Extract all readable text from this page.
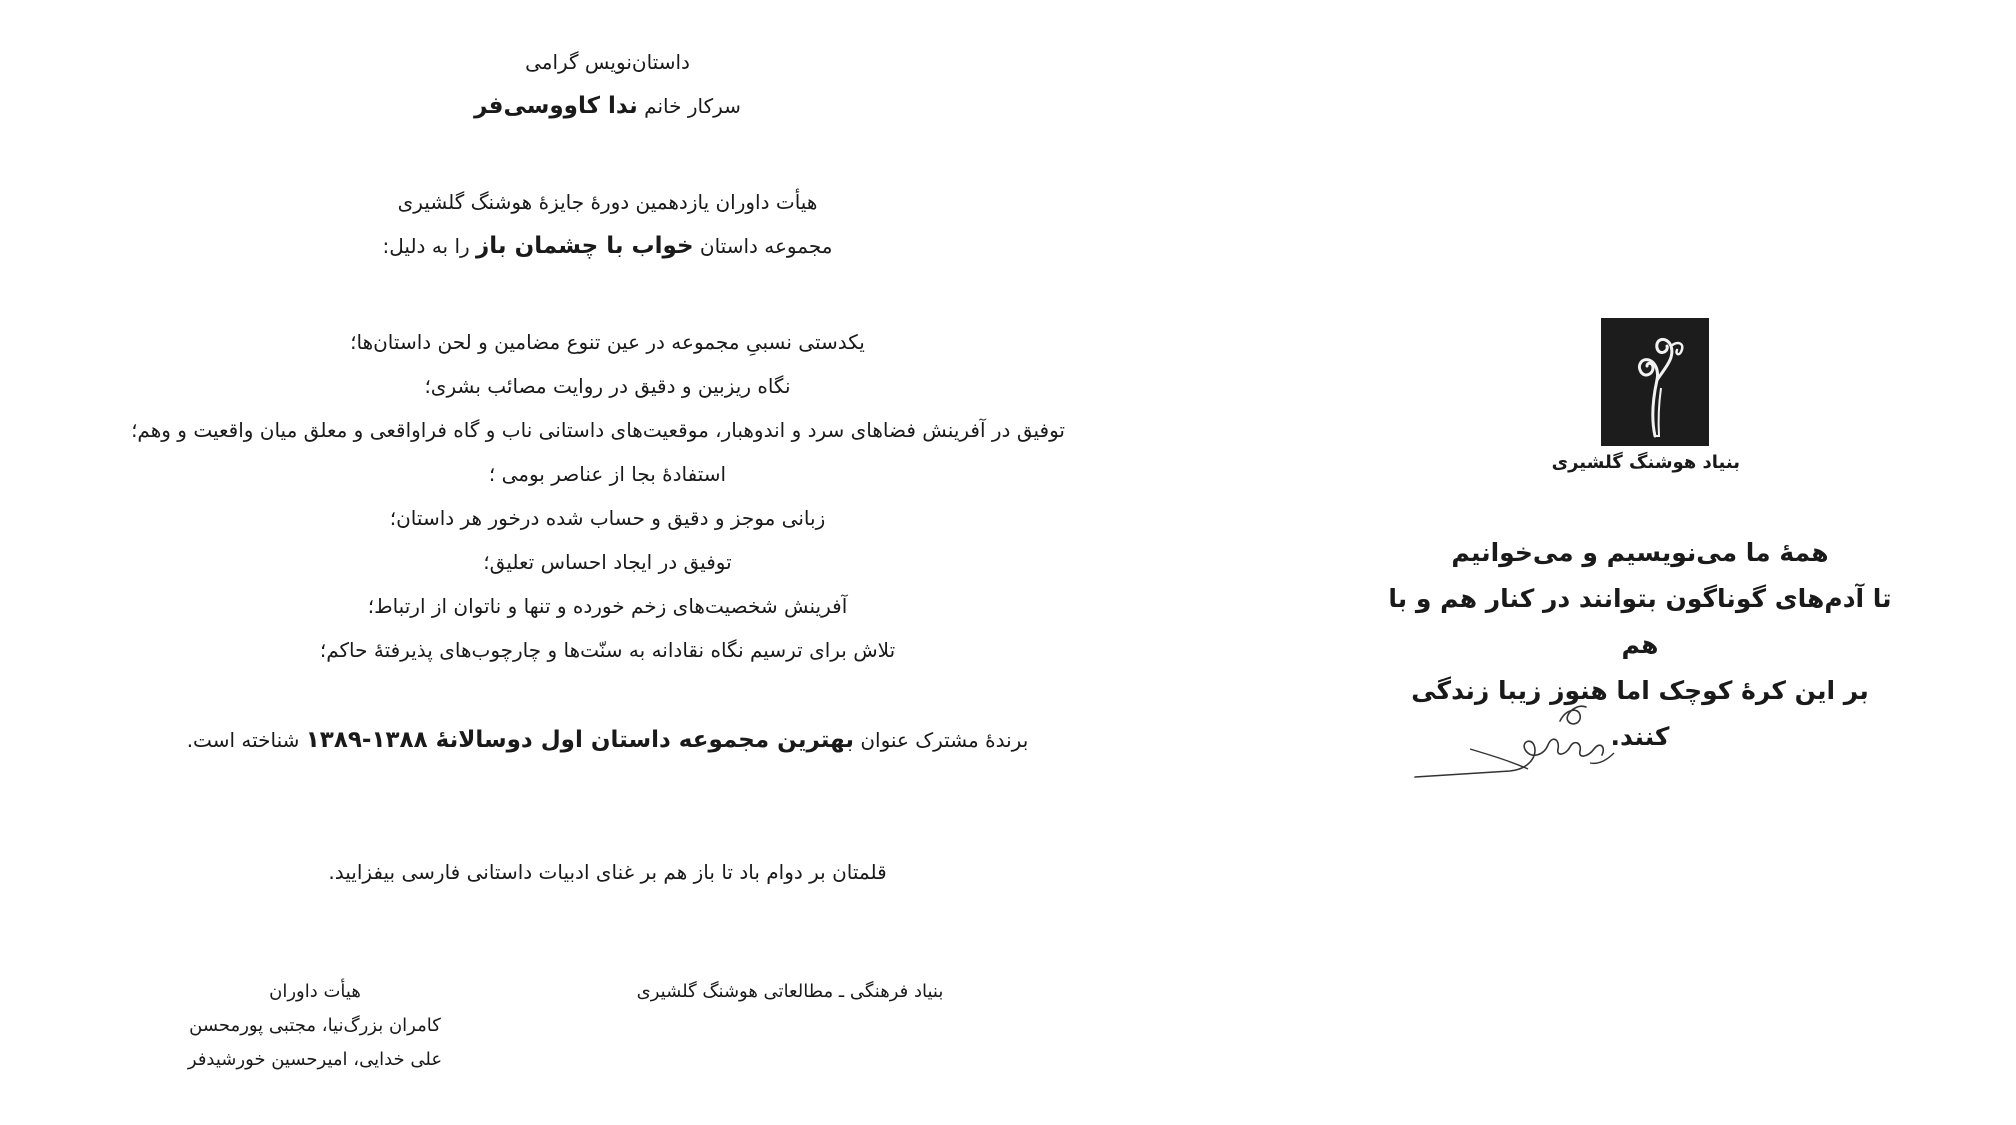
داستان‌نویس گرامی
سرکار خانم ندا کاووسی‌فر
هیأت داوران یازدهمین دورهٔ جایزهٔ هوشنگ گلشیری
مجموعه داستان خواب با چشمان باز را به دلیل:
یکدستی نسبیِ مجموعه در عین تنوع مضامین و لحن داستان‌ها؛
نگاه ریزبین و دقیق در روایت مصائب بشری؛
توفیق در آفرینش فضاهای سرد و اندوهبار، موقعیت‌های داستانی ناب و گاه فراواقعی و معلق میان واقعیت و وهم؛
استفادهٔ بجا از عناصر بومی ؛
زبانی موجز و دقیق و حساب شده درخور هر داستان؛
توفیق در ایجاد احساس تعلیق؛
آفرینش شخصیت‌های زخم خورده و تنها و ناتوان از ارتباط؛
تلاش برای ترسیم نگاه نقادانه به سنّت‌ها و چارچوب‌های پذیرفتهٔ حاکم؛
برندهٔ مشترک عنوان بهترین مجموعه داستان اول دوسالانهٔ ۱۳۸۸-۱۳۸۹ شناخته است.
قلمتان بر دوام باد تا باز هم بر غنای ادبیات داستانی فارسی بیفزایید.
بنیاد فرهنگی ـ مطالعاتی هوشنگ گلشیری
هیأت داوران
کامران بزرگ‌نیا، مجتبی پورمحسن
علی خدایی، امیرحسین خورشیدفر
بنیاد هوشنگ گلشیری
همهٔ ما می‌نویسیم و می‌خوانیم
تا آدم‌های گوناگون بتوانند در کنار هم و با هم
بر این کرهٔ کوچک اما هنوز زیبا زندگی کنند.
